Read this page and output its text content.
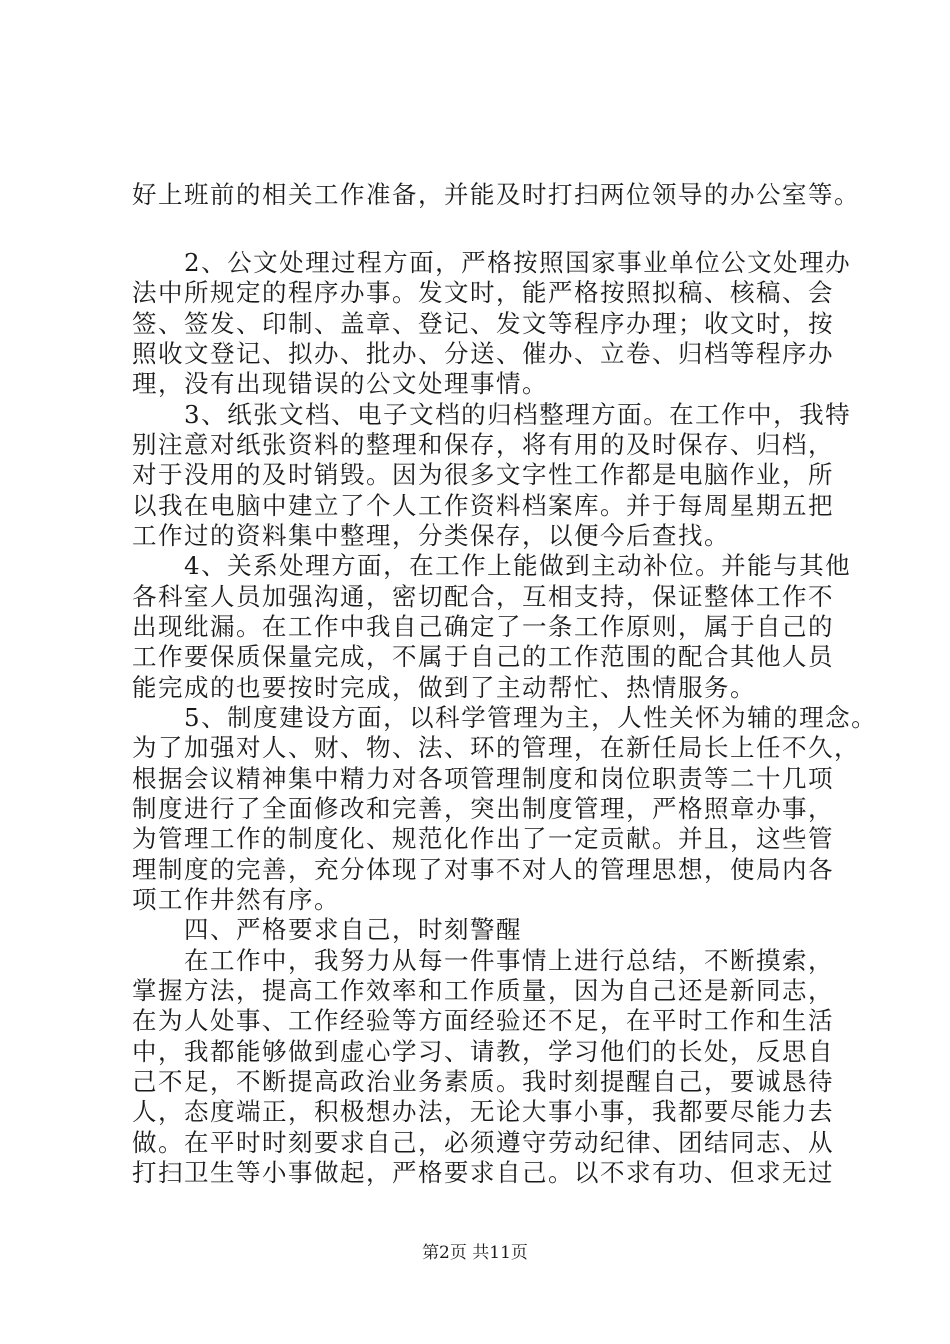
好上班前的相关工作准备，并能及时打扫两位领导的办公室等。
　　2、公文处理过程方面，严格按照国家事业单位公文处理办
法中所规定的程序办事。发文时，能严格按照拟稿、核稿、会
签、签发、印制、盖章、登记、发文等程序办理；收文时，按
照收文登记、拟办、批办、分送、催办、立卷、归档等程序办
理，没有出现错误的公文处理事情。
　　3、纸张文档、电子文档的归档整理方面。在工作中，我特
别注意对纸张资料的整理和保存，将有用的及时保存、归档，
对于没用的及时销毁。因为很多文字性工作都是电脑作业，所
以我在电脑中建立了个人工作资料档案库。并于每周星期五把
工作过的资料集中整理，分类保存，以便今后查找。
　　4、关系处理方面，在工作上能做到主动补位。并能与其他
各科室人员加强沟通，密切配合，互相支持，保证整体工作不
出现纰漏。在工作中我自己确定了一条工作原则，属于自己的
工作要保质保量完成，不属于自己的工作范围的配合其他人员
能完成的也要按时完成，做到了主动帮忙、热情服务。
　　5、制度建设方面，以科学管理为主，人性关怀为辅的理念。
为了加强对人、财、物、法、环的管理，在新任局长上任不久，
根据会议精神集中精力对各项管理制度和岗位职责等二十几项
制度进行了全面修改和完善，突出制度管理，严格照章办事，
为管理工作的制度化、规范化作出了一定贡献。并且，这些管
理制度的完善，充分体现了对事不对人的管理思想，使局内各
项工作井然有序。
　　四、严格要求自己，时刻警醒
　　在工作中，我努力从每一件事情上进行总结，不断摸索，
掌握方法，提高工作效率和工作质量，因为自己还是新同志，
在为人处事、工作经验等方面经验还不足，在平时工作和生活
中，我都能够做到虚心学习、请教，学习他们的长处，反思自
己不足，不断提高政治业务素质。我时刻提醒自己，要诚恳待
人，态度端正，积极想办法，无论大事小事，我都要尽能力去
做。在平时时刻要求自己，必须遵守劳动纪律、团结同志、从
打扫卫生等小事做起，严格要求自己。以不求有功、但求无过
第2页 共11页
